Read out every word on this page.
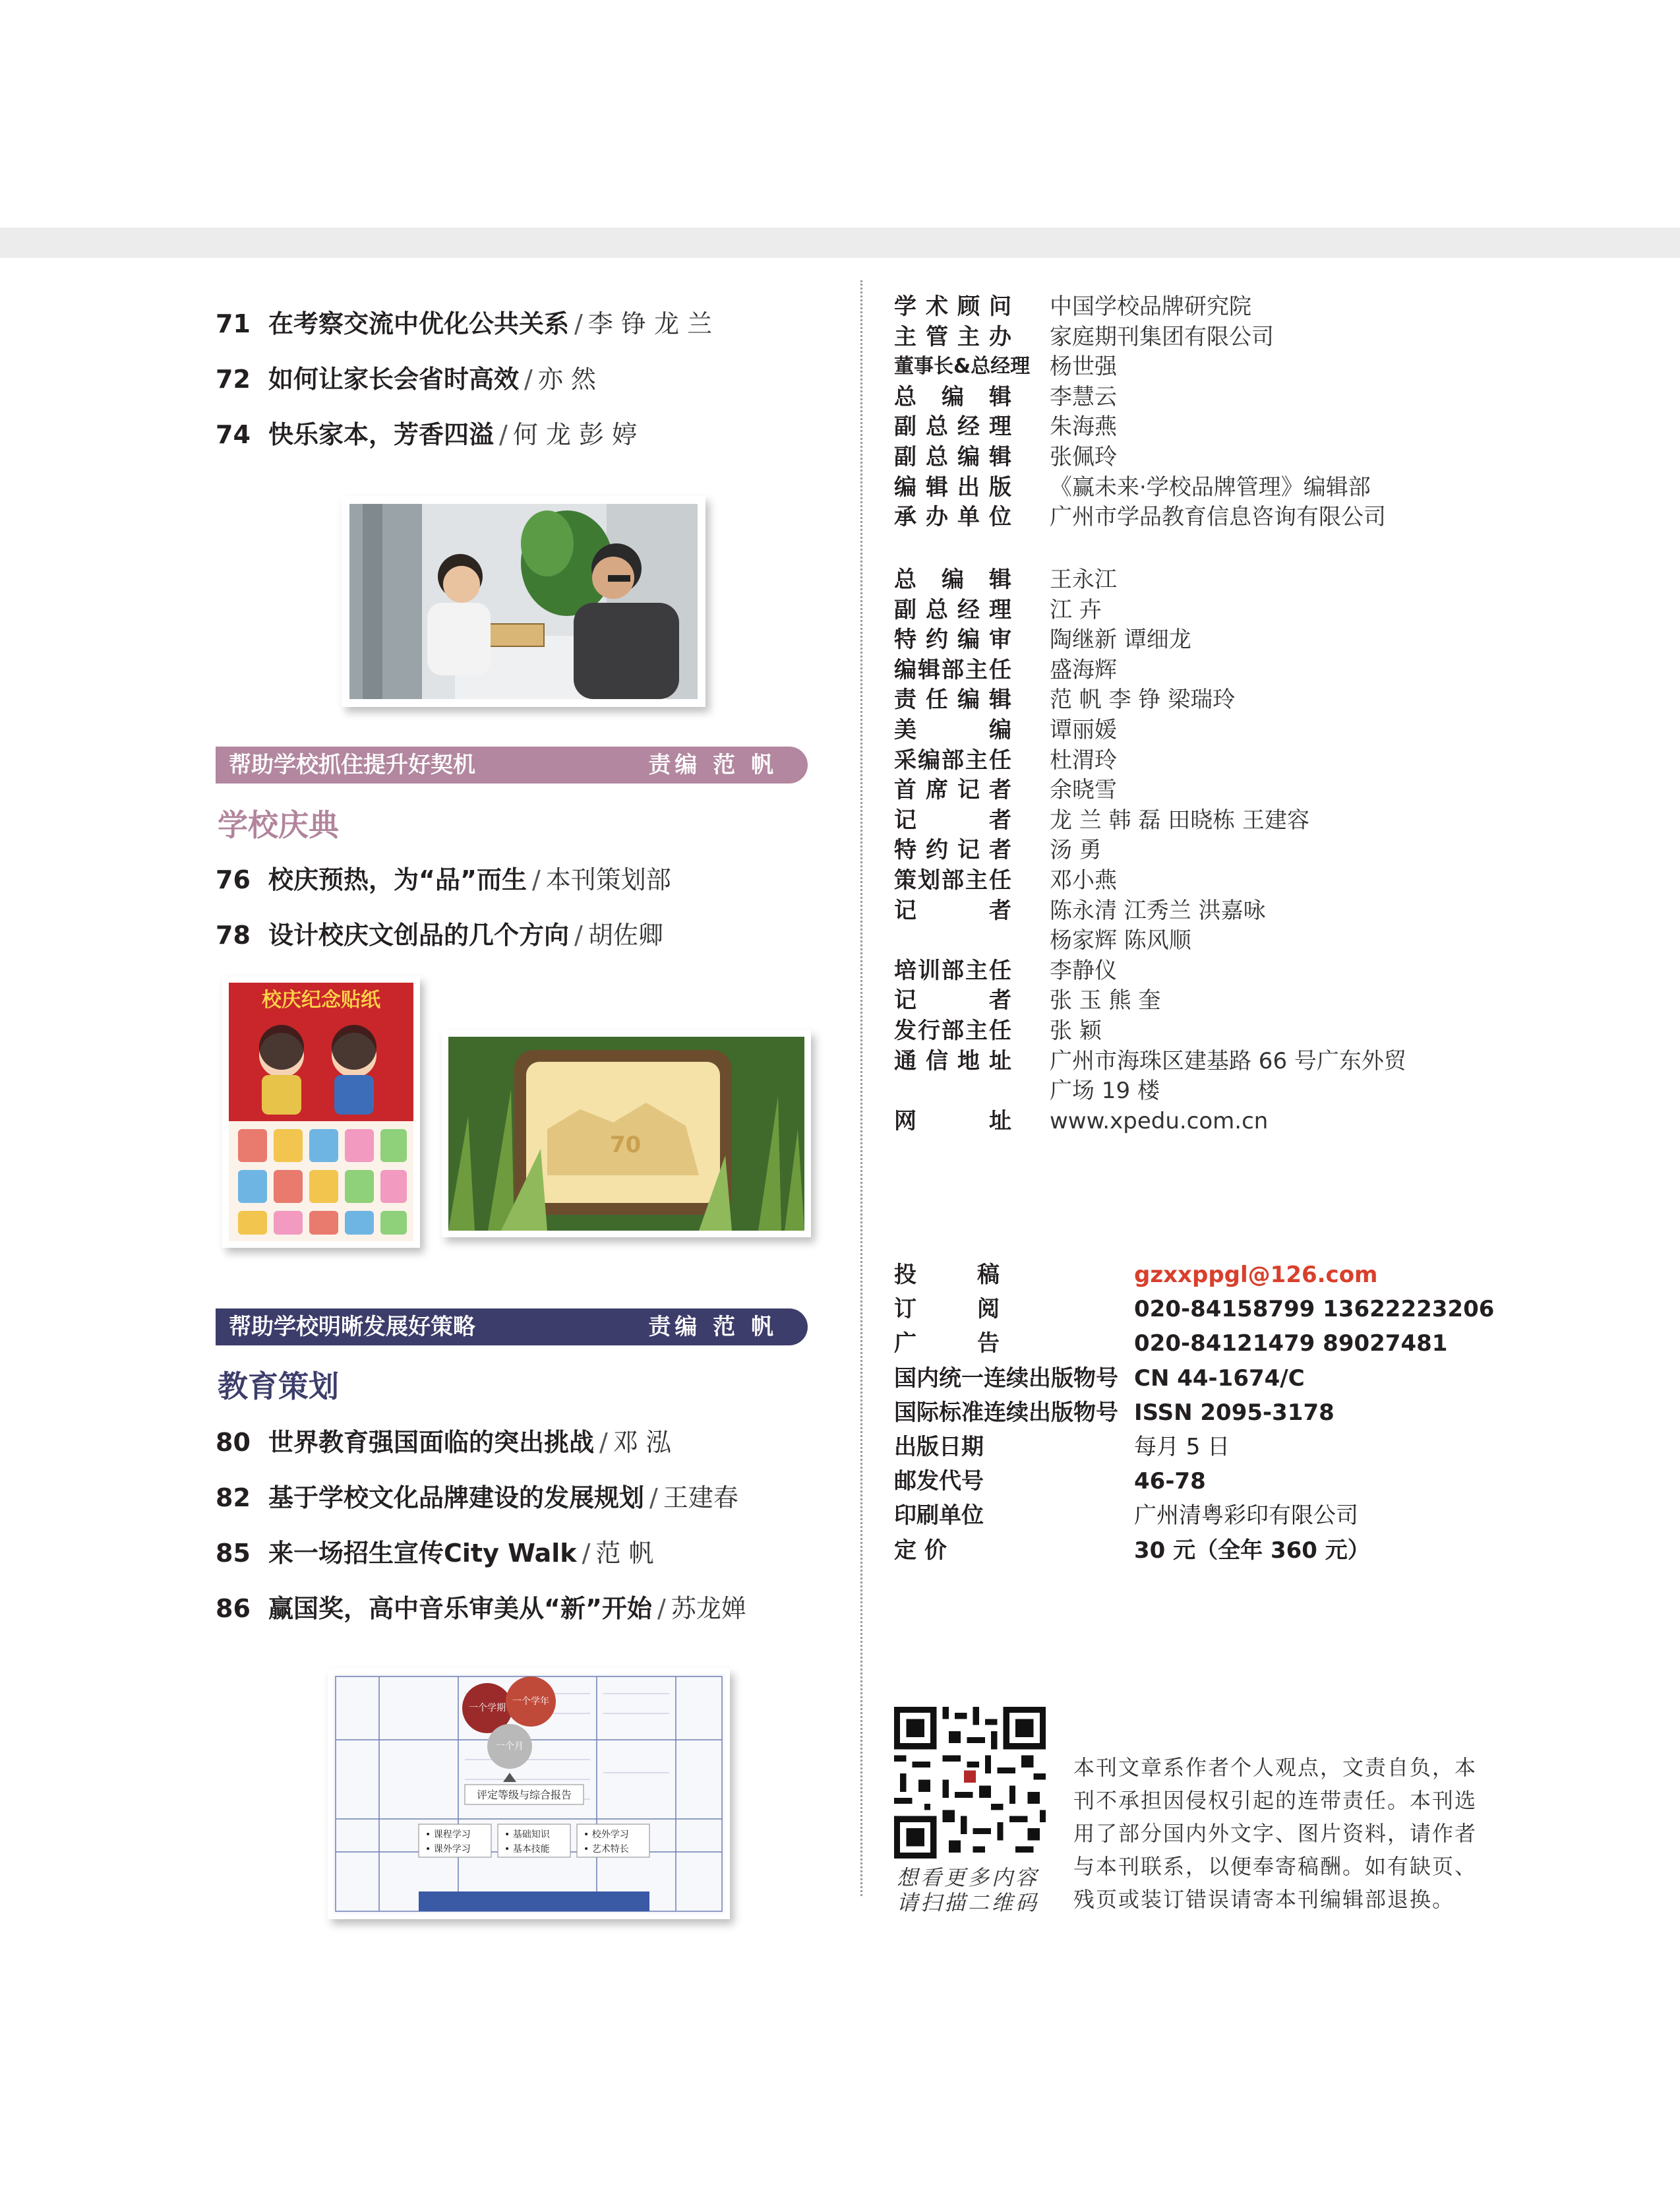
71 在考察交流中优化公共关系 / 李 铮 龙 兰
72 如何让家长会省时高效 / 亦 然
74 快乐家本，芳香四溢 / 何 龙 彭 婷
帮助学校抓住提升好契机	责编 范 帆
学校庆典
76 校庆预热，为“品”而生 / 本刊策划部
78 设计校庆文创品的几个方向 / 胡佐卿
校庆纪念贴纸
70
帮助学校明晰发展好策略	责编 范 帆
教育策划
80 世界教育强国面临的突出挑战 / 邓 泓
82 基于学校文化品牌建设的发展规划 / 王建春
85 来一场招生宣传City Walk / 范 帆
86 赢国奖，高中音乐审美从“新”开始 / 苏龙婵
一个学期
一个学年
一个月
评定等级与综合报告
• 课程学习
• 课外学习
• 基础知识
• 基本技能
• 校外学习
• 艺术特长
学术顾问 中国学校品牌研究院
主管主办 家庭期刊集团有限公司
董事长&总经理 杨世强
总编辑 李慧云
副总经理 朱海燕
副总编辑 张佩玲
编辑出版 《赢未来·学校品牌管理》编辑部
承办单位 广州市学品教育信息咨询有限公司
总编辑 王永江
副总经理 江 卉
特约编审 陶继新 谭细龙
编辑部主任 盛海辉
责任编辑 范 帆 李 铮 梁瑞玲
美编 谭丽媛
采编部主任 杜渭玲
首席记者 余晓雪
记者 龙 兰 韩 磊 田晓栋 王建容
特约记者 汤 勇
策划部主任 邓小燕
记者 陈永清 江秀兰 洪嘉咏
杨家辉 陈风顺
培训部主任 李静仪
记者 张 玉 熊 奎
发行部主任 张 颖
通信地址 广州市海珠区建基路 66 号广东外贸
广场 19 楼
网址 www.xpedu.com.cn
投稿	gzxxppgl@126.com
订阅	020-84158799 13622223206
广告	020-84121479 89027481
国内统一连续出版物号 CN 44-1674/C
国际标准连续出版物号 ISSN 2095-3178
出版日期	每月 5 日
邮发代号	46-78
印刷单位	广州清粤彩印有限公司
定 价	30 元（全年 360 元）
想看更多内容
请扫描二维码
本刊文章系作者个人观点，文责自负，本刊不承担因侵权引起的连带责任。本刊选用了部分国内外文字、图片资料，请作者与本刊联系，以便奉寄稿酬。如有缺页、残页或装订错误请寄本刊编辑部退换。
